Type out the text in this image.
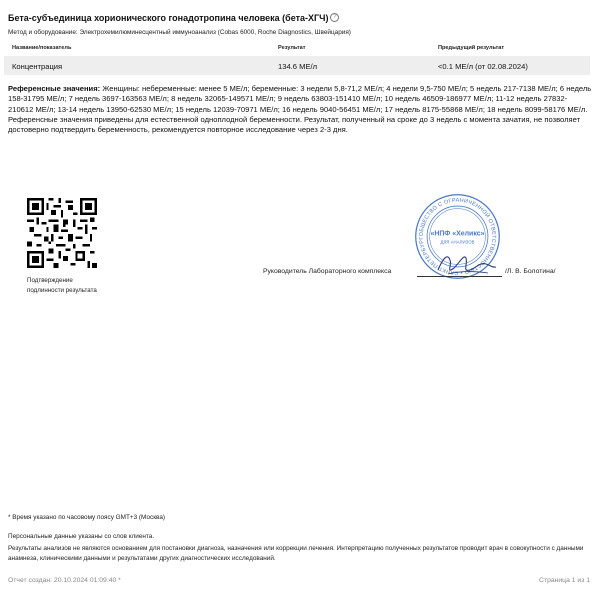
Бета-субъединица хорионического гонадотропина человека (бета-ХГЧ) ?
Метод и оборудование: Электрохемилюминесцентный иммуноанализ (Cobas 6000, Roche Diagnostics, Швейцария)
Название/показатель	Результат	Предыдущий результат
Концентрация	134.6 МЕ/л	<0.1 МЕ/л (от 02.08.2024)
Референсные значения: Женщины: небеременные: менее 5 МЕ/л; беременные: 3 недели 5,8-71,2 МЕ/л; 4 недели 9,5-750 МЕ/л; 5 недель 217-7138 МЕ/л; 6 недель 158-31795 МЕ/л; 7 недель 3697-163563 МЕ/л; 8 недель 32065-149571 МЕ/л; 9 недель 63803-151410 МЕ/л; 10 недель 46509-186977 МЕ/л; 11-12 недель 27832-210612 МЕ/л; 13-14 недель 13950-62530 МЕ/л; 15 недель 12039-70971 МЕ/л; 16 недель 9040-56451 МЕ/л; 17 недель 8175-55868 МЕ/л; 18 недель 8099-58176 МЕ/л. Референсные значения приведены для естественной одноплодной беременности. Результат, полученный на сроке до 3 недель с момента зачатия, не позволяет достоверно подтвердить беременность, рекомендуется повторное исследование через 2-3 дня.
Подтверждение
подлинности результата
ОБЩЕСТВО С ОГРАНИЧЕННОЙ ОТВЕТСТВЕННОСТЬЮ • САНКТ-ПЕТЕРБУРГ
«НПФ «Хеликс»
ДЛЯ АНАЛИЗОВ
Руководитель Лабораторного комплекса	/Л. В. Болотина/
* Время указано по часовому поясу GMT+3 (Москва)
Персональные данные указаны со слов клиента.
Результаты анализов не являются основанием для постановки диагноза, назначения или коррекции лечения. Интерпретацию полученных результатов проводит врач в совокупности с данными анамнеза, клиническими данными и результатами других диагностических исследований.
Отчет создан: 20.10.2024 01:09:40 *	Страница 1 из 1
